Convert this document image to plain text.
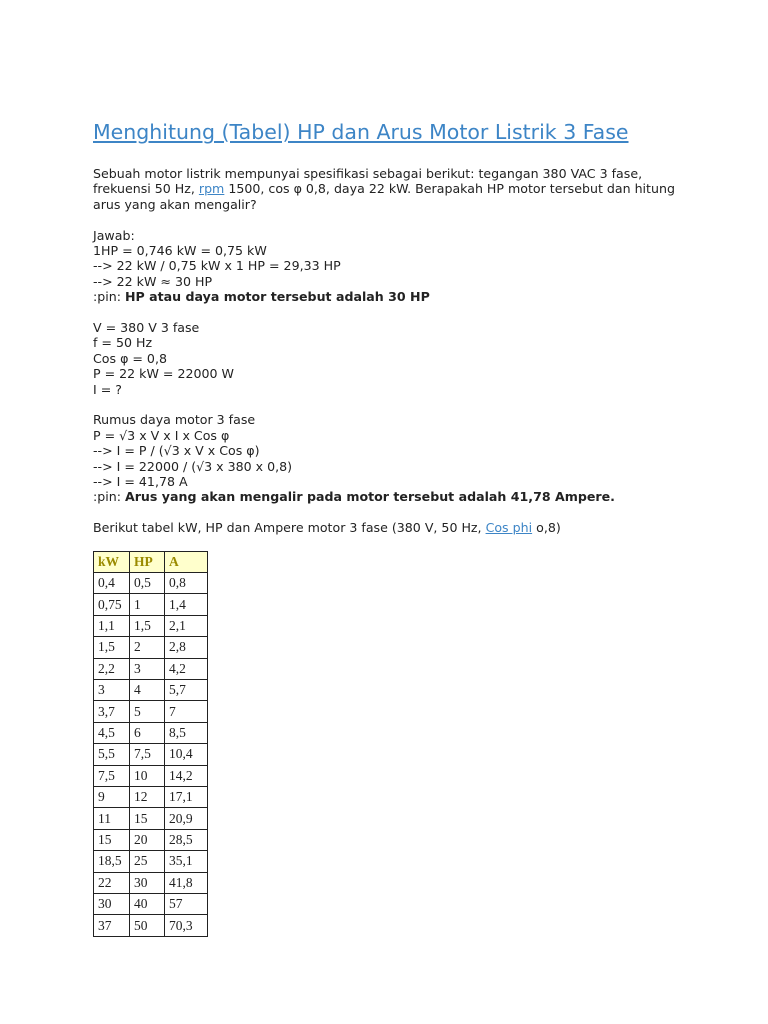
Menghitung (Tabel) HP dan Arus Motor Listrik 3 Fase

Sebuah motor listrik mempunyai spesifikasi sebagai berikut: tegangan 380 VAC 3 fase, frekuensi 50 Hz, rpm 1500, cos φ 0,8, daya 22 kW. Berapakah HP motor tersebut dan hitung arus yang akan mengalir?

Jawab:

1HP = 0,746 kW = 0,75 kW

--> 22 kW / 0,75 kW x 1 HP = 29,33 HP

--> 22 kW ≈ 30 HP

:pin: HP atau daya motor tersebut adalah 30 HP

V = 380 V 3 fase

f = 50 Hz

Cos φ = 0,8

P = 22 kW = 22000 W

I = ?

Rumus daya motor 3 fase

P = √3 x V x I x Cos φ

--> I = P / (√3 x V x Cos φ)

--> I = 22000 / (√3 x 380 x 0,8)

--> I = 41,78 A

:pin: Arus yang akan mengalir pada motor tersebut adalah 41,78 Ampere.

Berikut tabel kW, HP dan Ampere motor 3 fase (380 V, 50 Hz, Cos phi o,8)

kW	HP	A
0,4	0,5	0,8
0,75	1	1,4
1,1	1,5	2,1
1,5	2	2,8
2,2	3	4,2
3	4	5,7
3,7	5	7
4,5	6	8,5
5,5	7,5	10,4
7,5	10	14,2
9	12	17,1
11	15	20,9
15	20	28,5
18,5	25	35,1
22	30	41,8
30	40	57
37	50	70,3
